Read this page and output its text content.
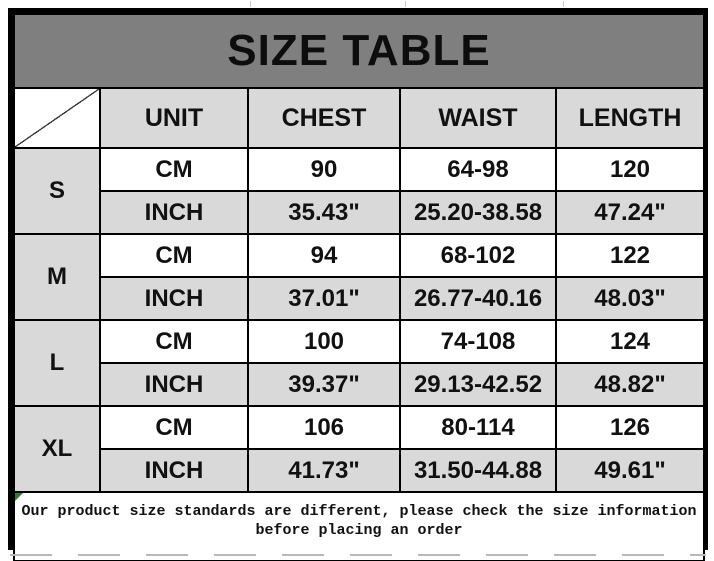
SIZE TABLE				
	UNIT	CHEST	WAIST	LENGTH
S	CM	90	64-98	120
	INCH	35.43"	25.20-38.58	47.24"
M	CM	94	68-102	122
	INCH	37.01"	26.77-40.16	48.03"
L	CM	100	74-108	124
	INCH	39.37"	29.13-42.52	48.82"
XL	CM	106	80-114	126
	INCH	41.73"	31.50-44.88	49.61"

Our product size standards are different, please check the size information
before placing an order				
